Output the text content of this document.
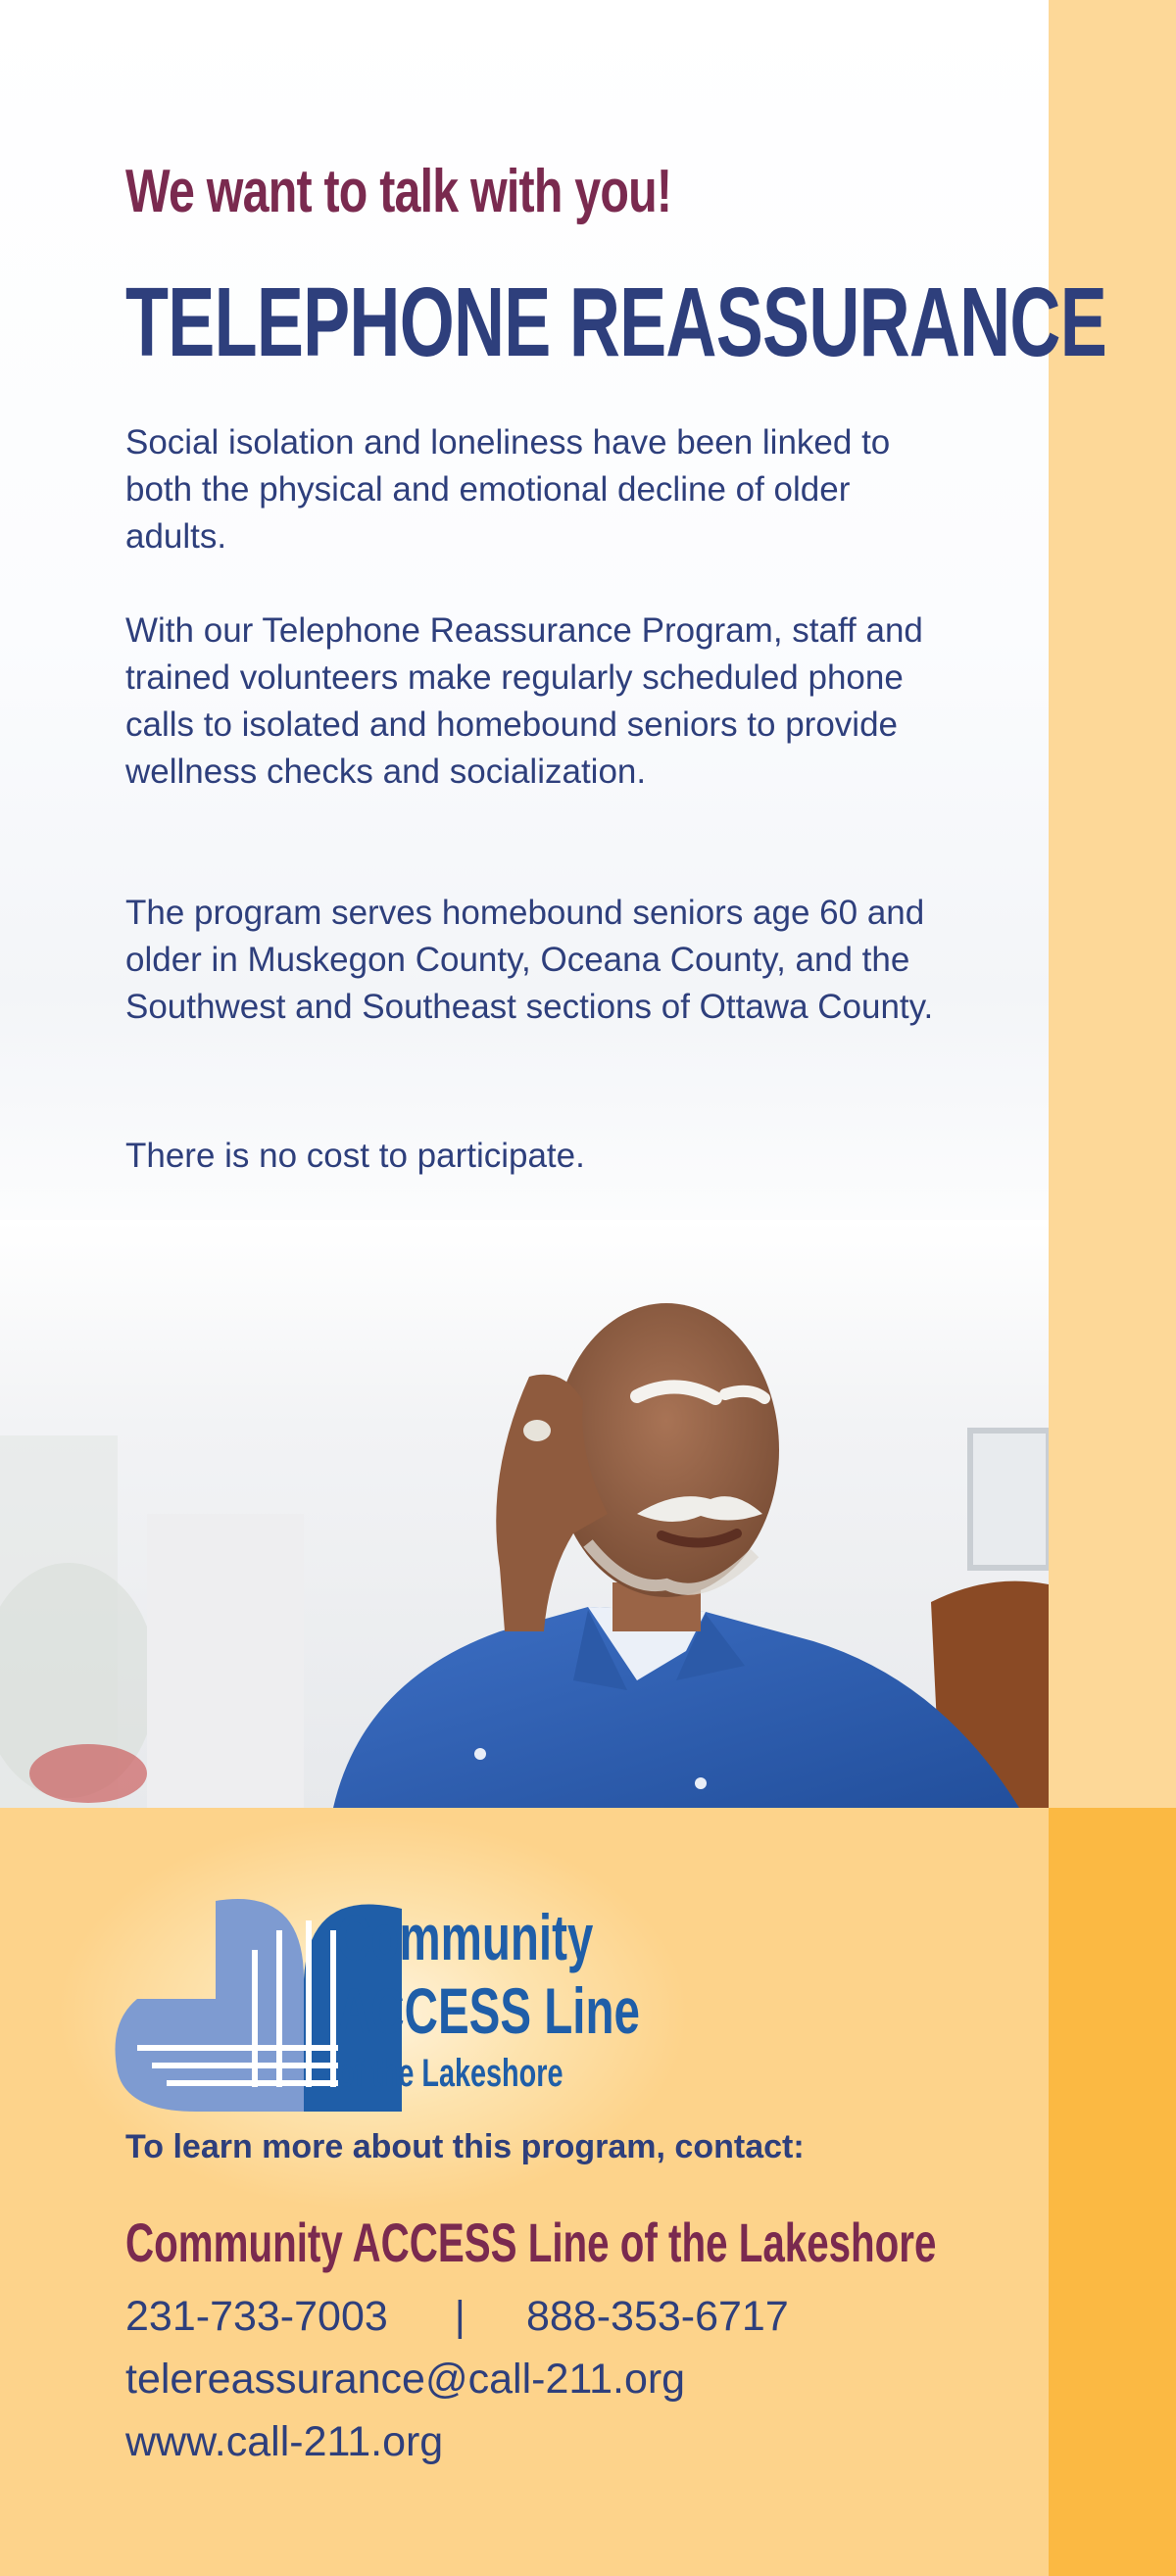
We want to talk with you!
TELEPHONE REASSURANCE

Social isolation and loneliness have been linked to both the physical and emotional decline of older adults.

With our Telephone Reassurance Program, staff and trained volunteers make regularly scheduled phone calls to isolated and homebound seniors to provide wellness checks and socialization.

The program serves homebound seniors age 60 and older in Muskegon County, Oceana County, and the Southwest and Southeast sections of Ottawa County.

There is no cost to participate.

Community

ACCESS Line

of the Lakeshore

To learn more about this program, contact:

Community ACCESS Line of the Lakeshore

231-733-7003 | 888-353-6717

telereassurance@call-211.org

www.call-211.org
